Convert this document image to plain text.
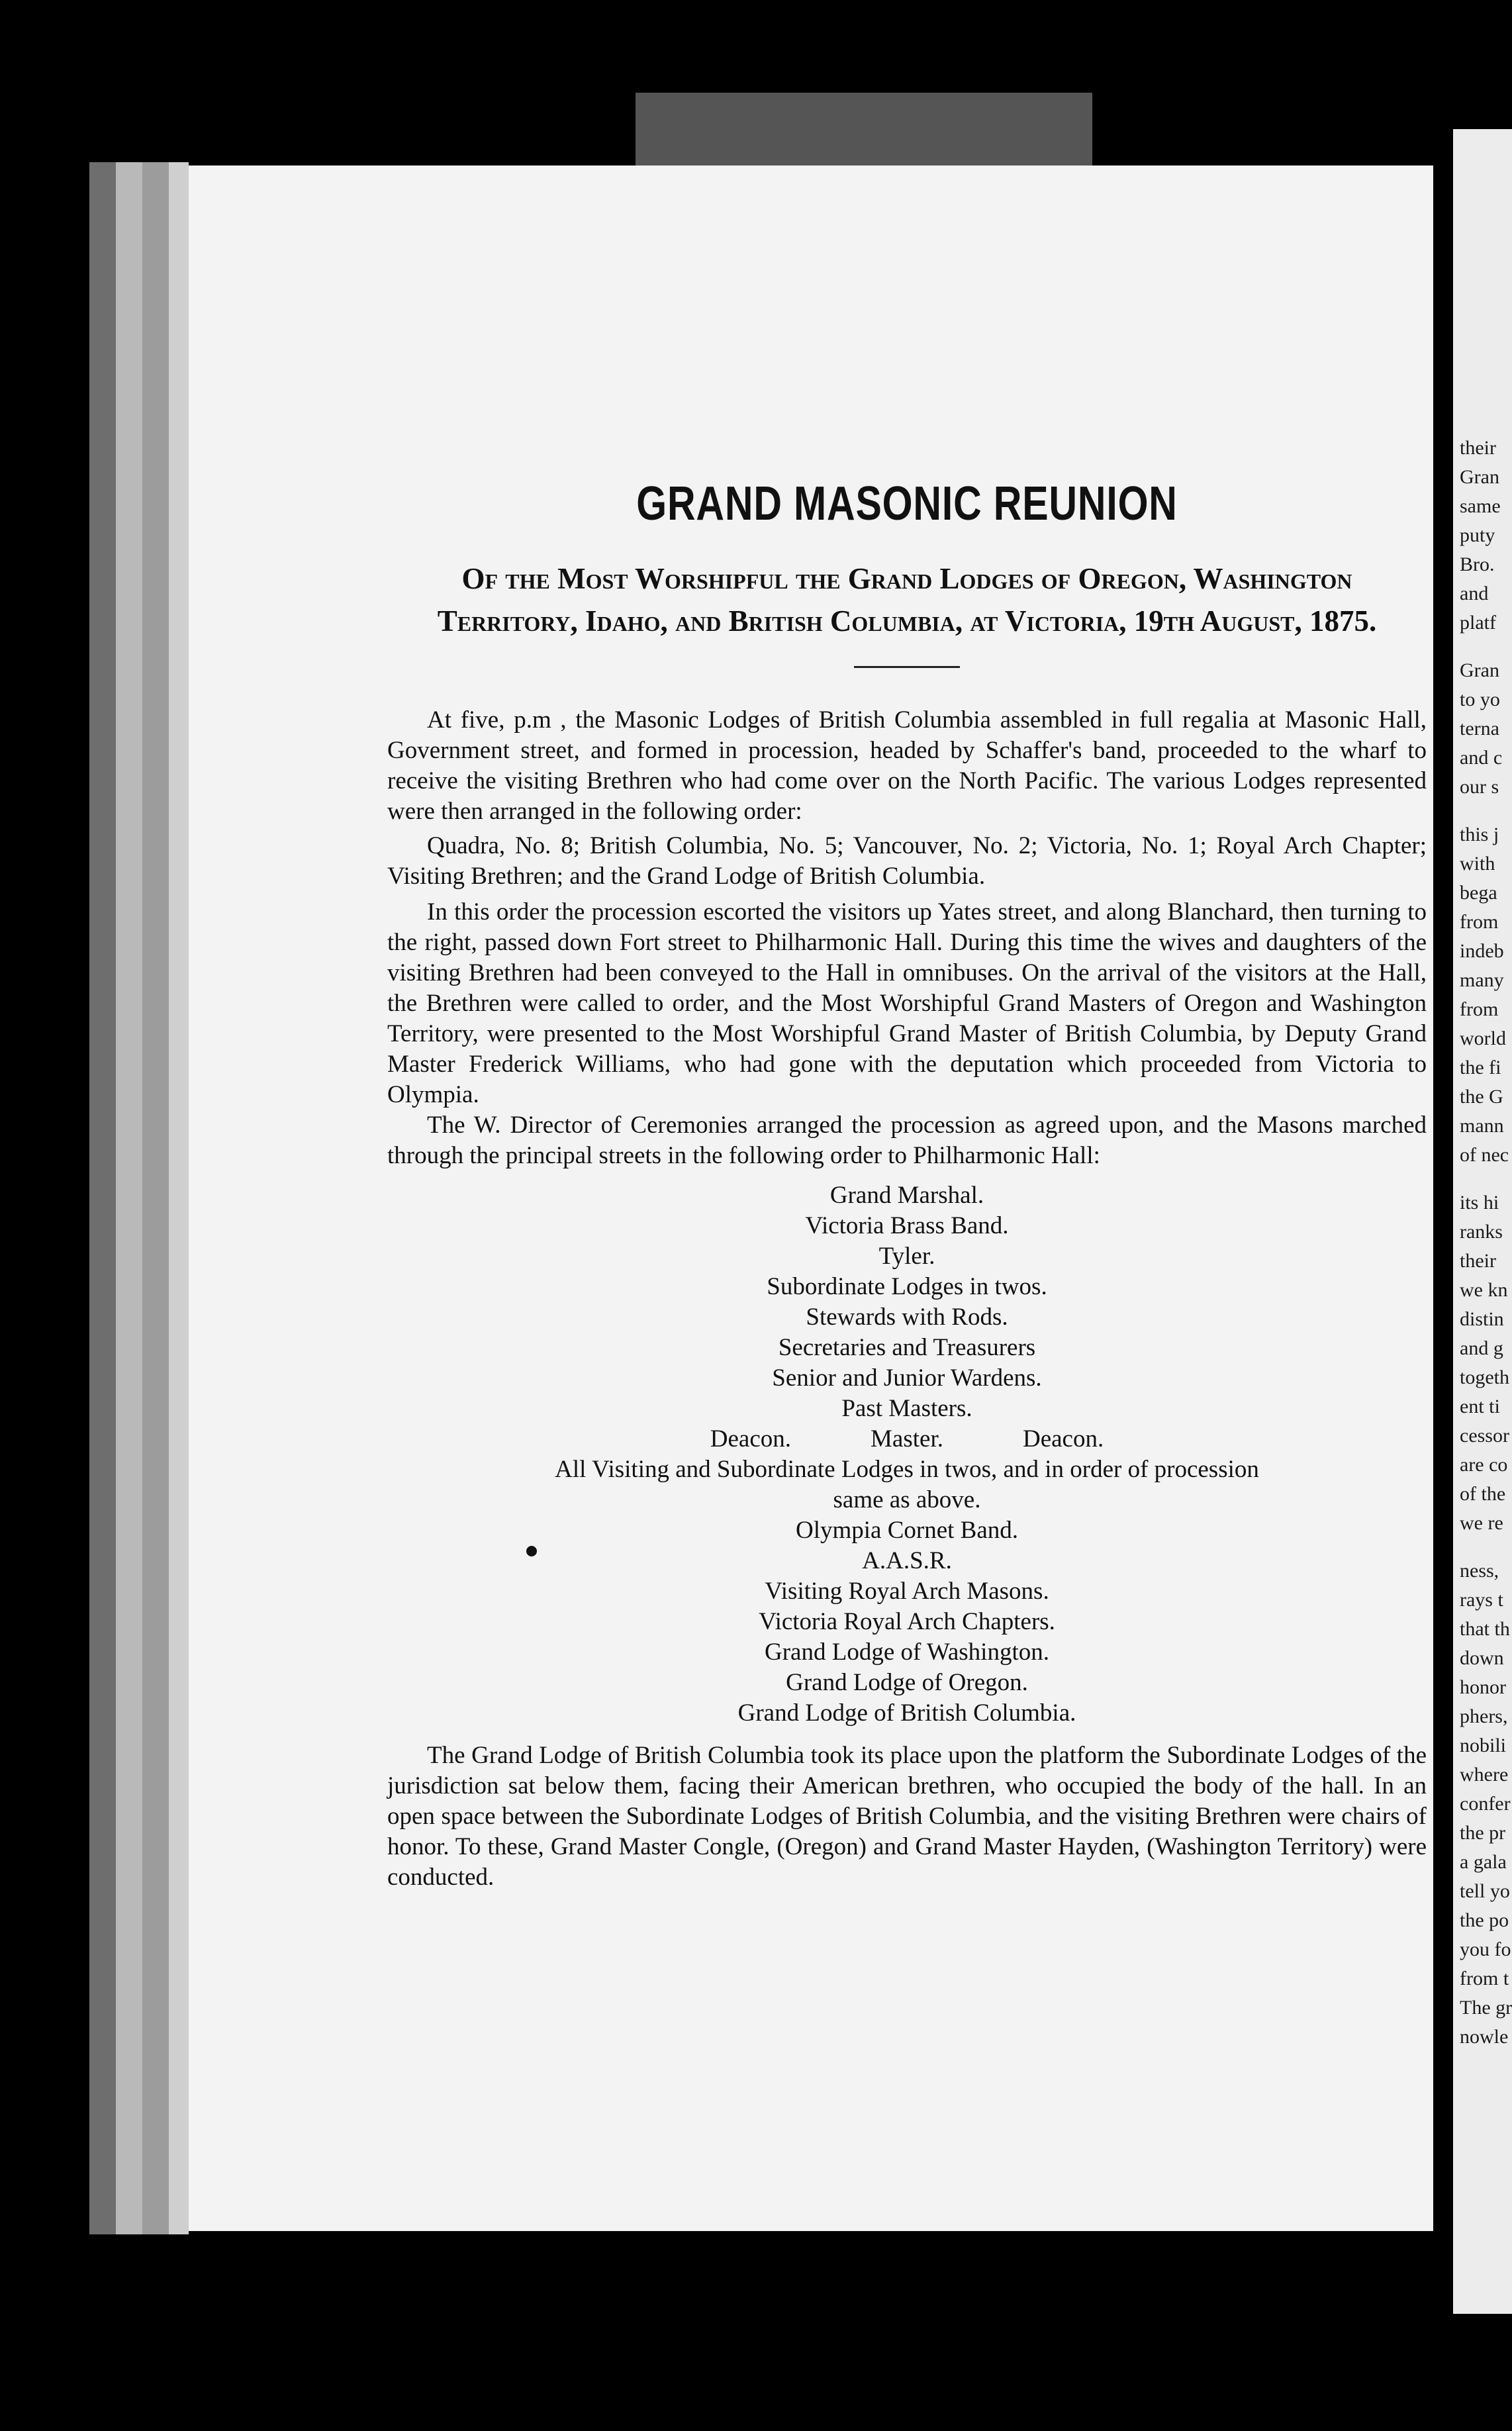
GRAND MASONIC REUNION
Of the Most Worshipful the Grand Lodges of Oregon, Washington Territory, Idaho, and British Columbia, at Victoria, 19th August, 1875.

At five, p.m , the Masonic Lodges of British Columbia assembled in full regalia at Masonic Hall, Government street, and formed in procession, headed by Schaffer's band, proceeded to the wharf to receive the visiting Brethren who had come over on the North Pacific. The various Lodges represented were then arranged in the following order:

Quadra, No. 8; British Columbia, No. 5; Vancouver, No. 2; Victoria, No. 1; Royal Arch Chapter; Visiting Brethren; and the Grand Lodge of British Columbia.

In this order the procession escorted the visitors up Yates street, and along Blanchard, then turning to the right, passed down Fort street to Philharmonic Hall. During this time the wives and daughters of the visiting Brethren had been conveyed to the Hall in omnibuses. On the arrival of the visitors at the Hall, the Brethren were called to order, and the Most Worshipful Grand Masters of Oregon and Washington Territory, were presented to the Most Worshipful Grand Master of British Columbia, by Deputy Grand Master Frederick Williams, who had gone with the deputation which proceeded from Victoria to Olympia.

The W. Director of Ceremonies arranged the procession as agreed upon, and the Masons marched through the principal streets in the following order to Philharmonic Hall:

Grand Marshal.
Victoria Brass Band.
Tyler.
Subordinate Lodges in twos.
Stewards with Rods.
Secretaries and Treasurers
Senior and Junior Wardens.
Past Masters.
Deacon.	Master.	Deacon.
All Visiting and Subordinate Lodges in twos, and in order of procession
same as above.
Olympia Cornet Band.
A.A.S.R.
Visiting Royal Arch Masons.
Victoria Royal Arch Chapters.
Grand Lodge of Washington.
Grand Lodge of Oregon.
Grand Lodge of British Columbia.

The Grand Lodge of British Columbia took its place upon the platform the Subordinate Lodges of the jurisdiction sat below them, facing their American brethren, who occupied the body of the hall. In an open space between the Subordinate Lodges of British Columbia, and the visiting Brethren were chairs of honor. To these, Grand Master Congle, (Oregon) and Grand Master Hayden, (Washington Territory) were conducted.

their
Gran
same
puty
Bro.
and
platf
Gran
to yo
terna
and c
our s
this j
with
bega
from
indeb
many
from
world
the fi
the G
mann
of nec
its hi
ranks
their
we kn
distin
and g
togeth
ent ti
cessor
are co
of the
we re
ness,
rays t
that th
down
honor
phers,
nobili
where
confer
the pr
a gala
tell yo
the po
you fo
from t
The gr
nowle
